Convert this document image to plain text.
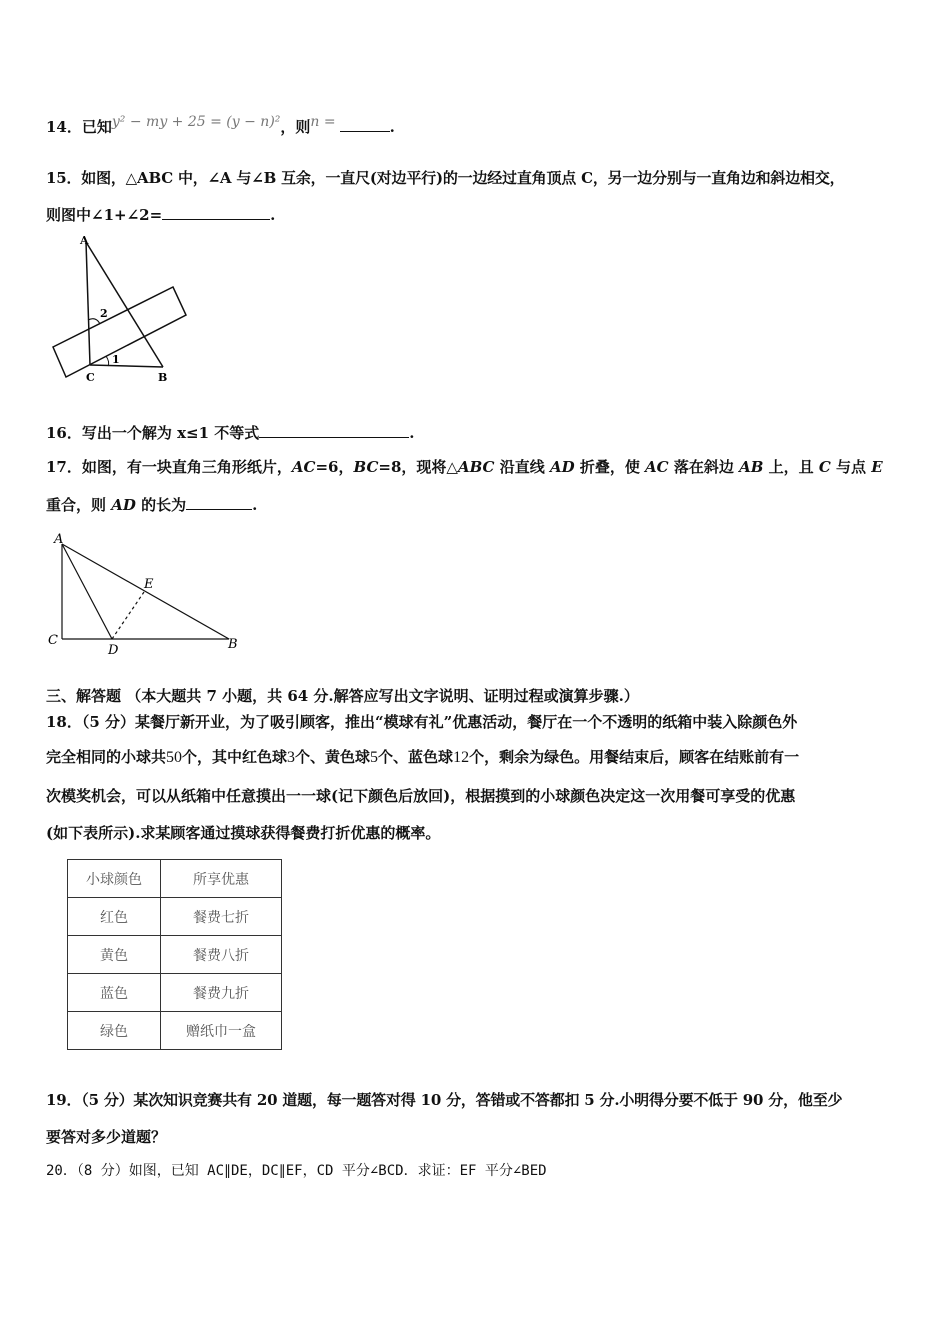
14．已知y² − my + 25 = (y − n)²，则n =	.
15．如图，△ABC 中，∠A 与∠B 互余，一直尺(对边平行)的一边经过直角顶点 C，另一边分别与一直角边和斜边相交，
则图中∠1+∠2=	.
A
2
1
C	B
16．写出一个解为 x≤1 不等式	.
17．如图，有一块直角三角形纸片，AC=6，BC=8，现将△ABC 沿直线 AD 折叠，使 AC 落在斜边 AB 上，且 C 与点 E
重合，则 AD 的长为	.
A
E
C
D	B
三、解答题 （本大题共 7 小题，共 64 分.解答应写出文字说明、证明过程或演算步骤.）
18．（5 分）某餐厅新开业，为了吸引顾客，推出“模球有礼”优惠活动，餐厅在一个不透明的纸箱中装入除颜色外
完全相同的小球共50个，其中红色球3个、黄色球5个、蓝色球12个，剩余为绿色。用餐结束后，顾客在结账前有一
次模奖机会，可以从纸箱中任意摸出一一球(记下颜色后放回)，根据摸到的小球颜色决定这一次用餐可享受的优惠
(如下表所示).求某顾客通过摸球获得餐费打折优惠的概率。
小球颜色	所享优惠
红色	餐费七折
黄色	餐费八折
蓝色	餐费九折
绿色	赠纸巾一盒
19．（5 分）某次知识竞赛共有 20 道题，每一题答对得 10 分，答错或不答都扣 5 分.小明得分要不低于 90 分，他至少
要答对多少道题？
20．（8 分）如图，已知 AC∥DE，DC∥EF，CD 平分∠BCD．求证：EF 平分∠BED
